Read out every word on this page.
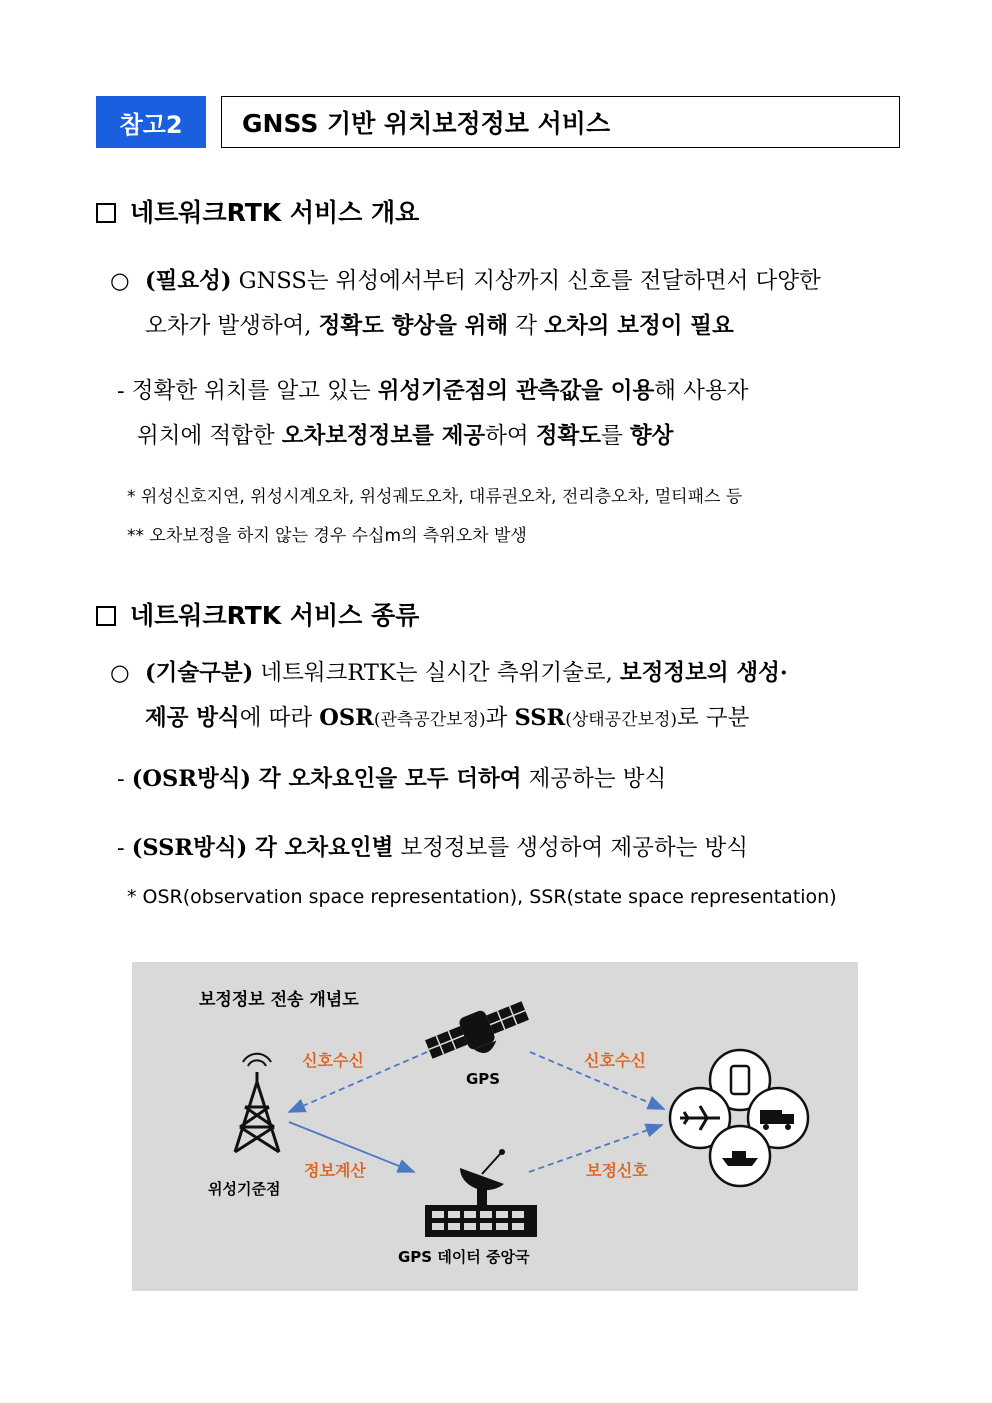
참고2	GNSS 기반 위치보정정보 서비스
네트워크RTK 서비스 개요
○ (필요성) GNSS는 위성에서부터 지상까지 신호를 전달하면서 다양한
오차가 발생하여, 정확도 향상을 위해 각 오차의 보정이 필요
- 정확한 위치를 알고 있는 위성기준점의 관측값을 이용해 사용자
위치에 적합한 오차보정정보를 제공하여 정확도를 향상
* 위성신호지연, 위성시계오차, 위성궤도오차, 대류권오차, 전리층오차, 멀티패스 등
** 오차보정을 하지 않는 경우 수십m의 측위오차 발생
네트워크RTK 서비스 종류
○ (기술구분) 네트워크RTK는 실시간 측위기술로, 보정정보의 생성·
제공 방식에 따라 OSR(관측공간보정)과 SSR(상태공간보정)로 구분
- (OSR방식) 각 오차요인을 모두 더하여 제공하는 방식
- (SSR방식) 각 오차요인별 보정정보를 생성하여 제공하는 방식
* OSR(observation space representation), SSR(state space representation)
보정정보 전송 개념도
신호수신	신호수신
GPS
정보계산	보정신호
위성기준점
GPS 데이터 중앙국
